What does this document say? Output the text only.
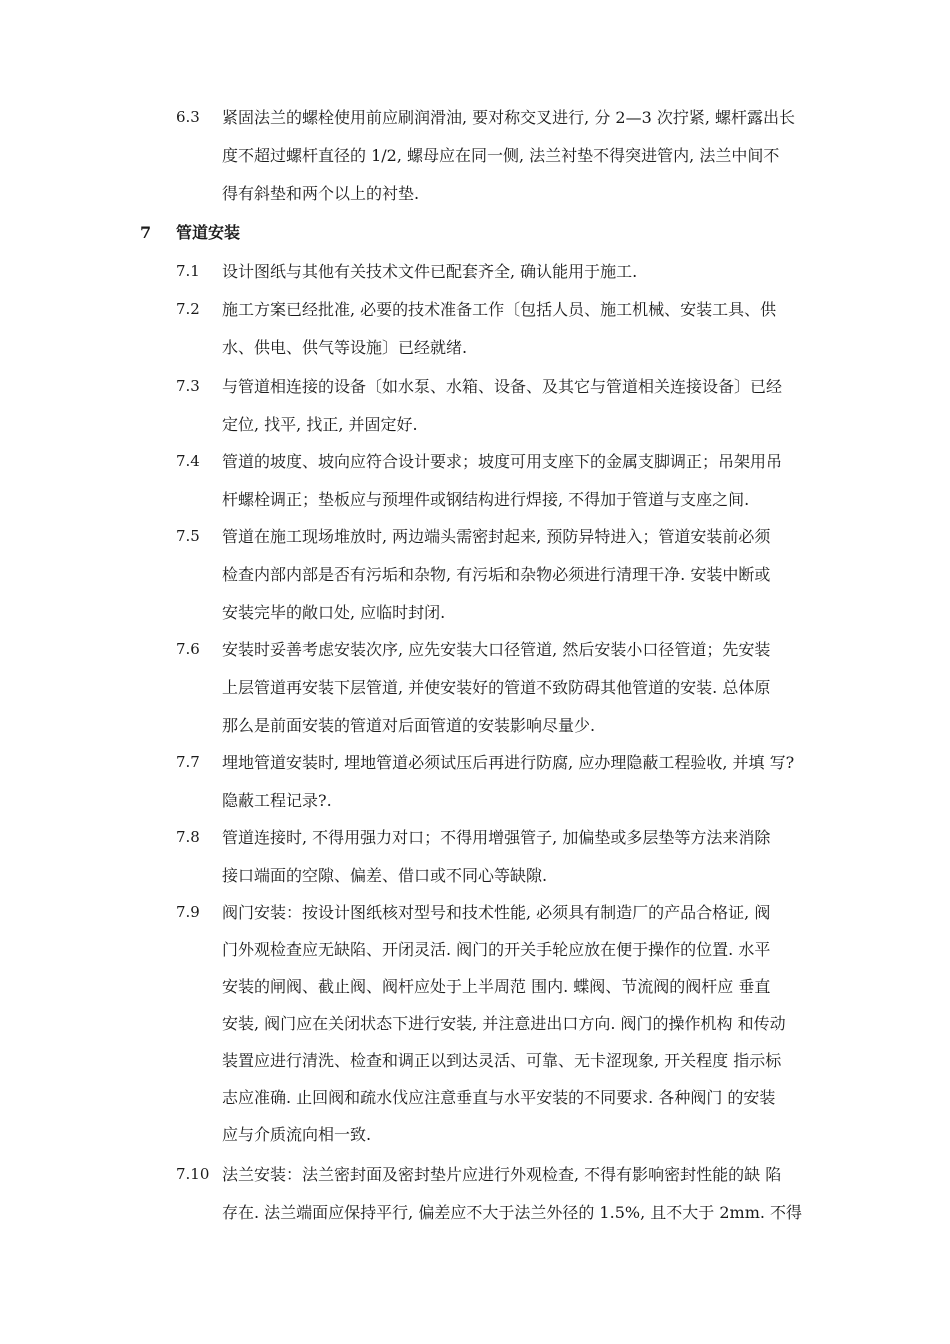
6.3 紧固法兰的螺栓使用前应刷润滑油, 要对称交叉进行, 分 2—3 次拧紧, 螺杆露出长
度不超过螺杆直径的 1/2, 螺母应在同一侧, 法兰衬垫不得突进管内, 法兰中间不
得有斜垫和两个以上的衬垫.
7 管道安装
7.1 设计图纸与其他有关技术文件已配套齐全, 确认能用于施工.
7.2 施工方案已经批准, 必要的技术准备工作〔包括人员、施工机械、安装工具、供
水、供电、供气等设施〕已经就绪.
7.3 与管道相连接的设备〔如水泵、水箱、设备、及其它与管道相关连接设备〕已经
定位, 找平, 找正, 并固定好.
7.4 管道的坡度、坡向应符合设计要求；坡度可用支座下的金属支脚调正；吊架用吊
杆螺栓调正；垫板应与预埋件或钢结构进行焊接, 不得加于管道与支座之间.
7.5 管道在施工现场堆放时, 两边端头需密封起来, 预防异特进入；管道安装前必须
检查内部内部是否有污垢和杂物, 有污垢和杂物必须进行清理干净. 安装中断或
安装完毕的敞口处, 应临时封闭.
7.6 安装时妥善考虑安装次序, 应先安装大口径管道, 然后安装小口径管道；先安装
上层管道再安装下层管道, 并使安装好的管道不致防碍其他管道的安装. 总体原
那么是前面安装的管道对后面管道的安装影响尽量少.
7.7 埋地管道安装时, 埋地管道必须试压后再进行防腐, 应办理隐蔽工程验收, 并填 写?
隐蔽工程记录?.
7.8 管道连接时, 不得用强力对口；不得用增强管子, 加偏垫或多层垫等方法来消除
接口端面的空隙、偏差、借口或不同心等缺隙.
7.9 阀门安装：按设计图纸核对型号和技术性能, 必须具有制造厂的产品合格证, 阀
门外观检查应无缺陷、开闭灵活. 阀门的开关手轮应放在便于操作的位置. 水平
安装的闸阀、截止阀、阀杆应处于上半周范 围内. 蝶阀、节流阀的阀杆应 垂直
安装, 阀门应在关闭状态下进行安装, 并注意进出口方向. 阀门的操作机构 和传动
装置应进行清洗、检查和调正以到达灵活、可靠、无卡涩现象, 开关程度 指示标
志应准确. 止回阀和疏水伐应注意垂直与水平安装的不同要求. 各种阀门 的安装
应与介质流向相一致.
7.10 法兰安装：法兰密封面及密封垫片应进行外观检查, 不得有影响密封性能的缺 陷
存在. 法兰端面应保持平行, 偏差应不大于法兰外径的 1.5%, 且不大于 2mm. 不得
